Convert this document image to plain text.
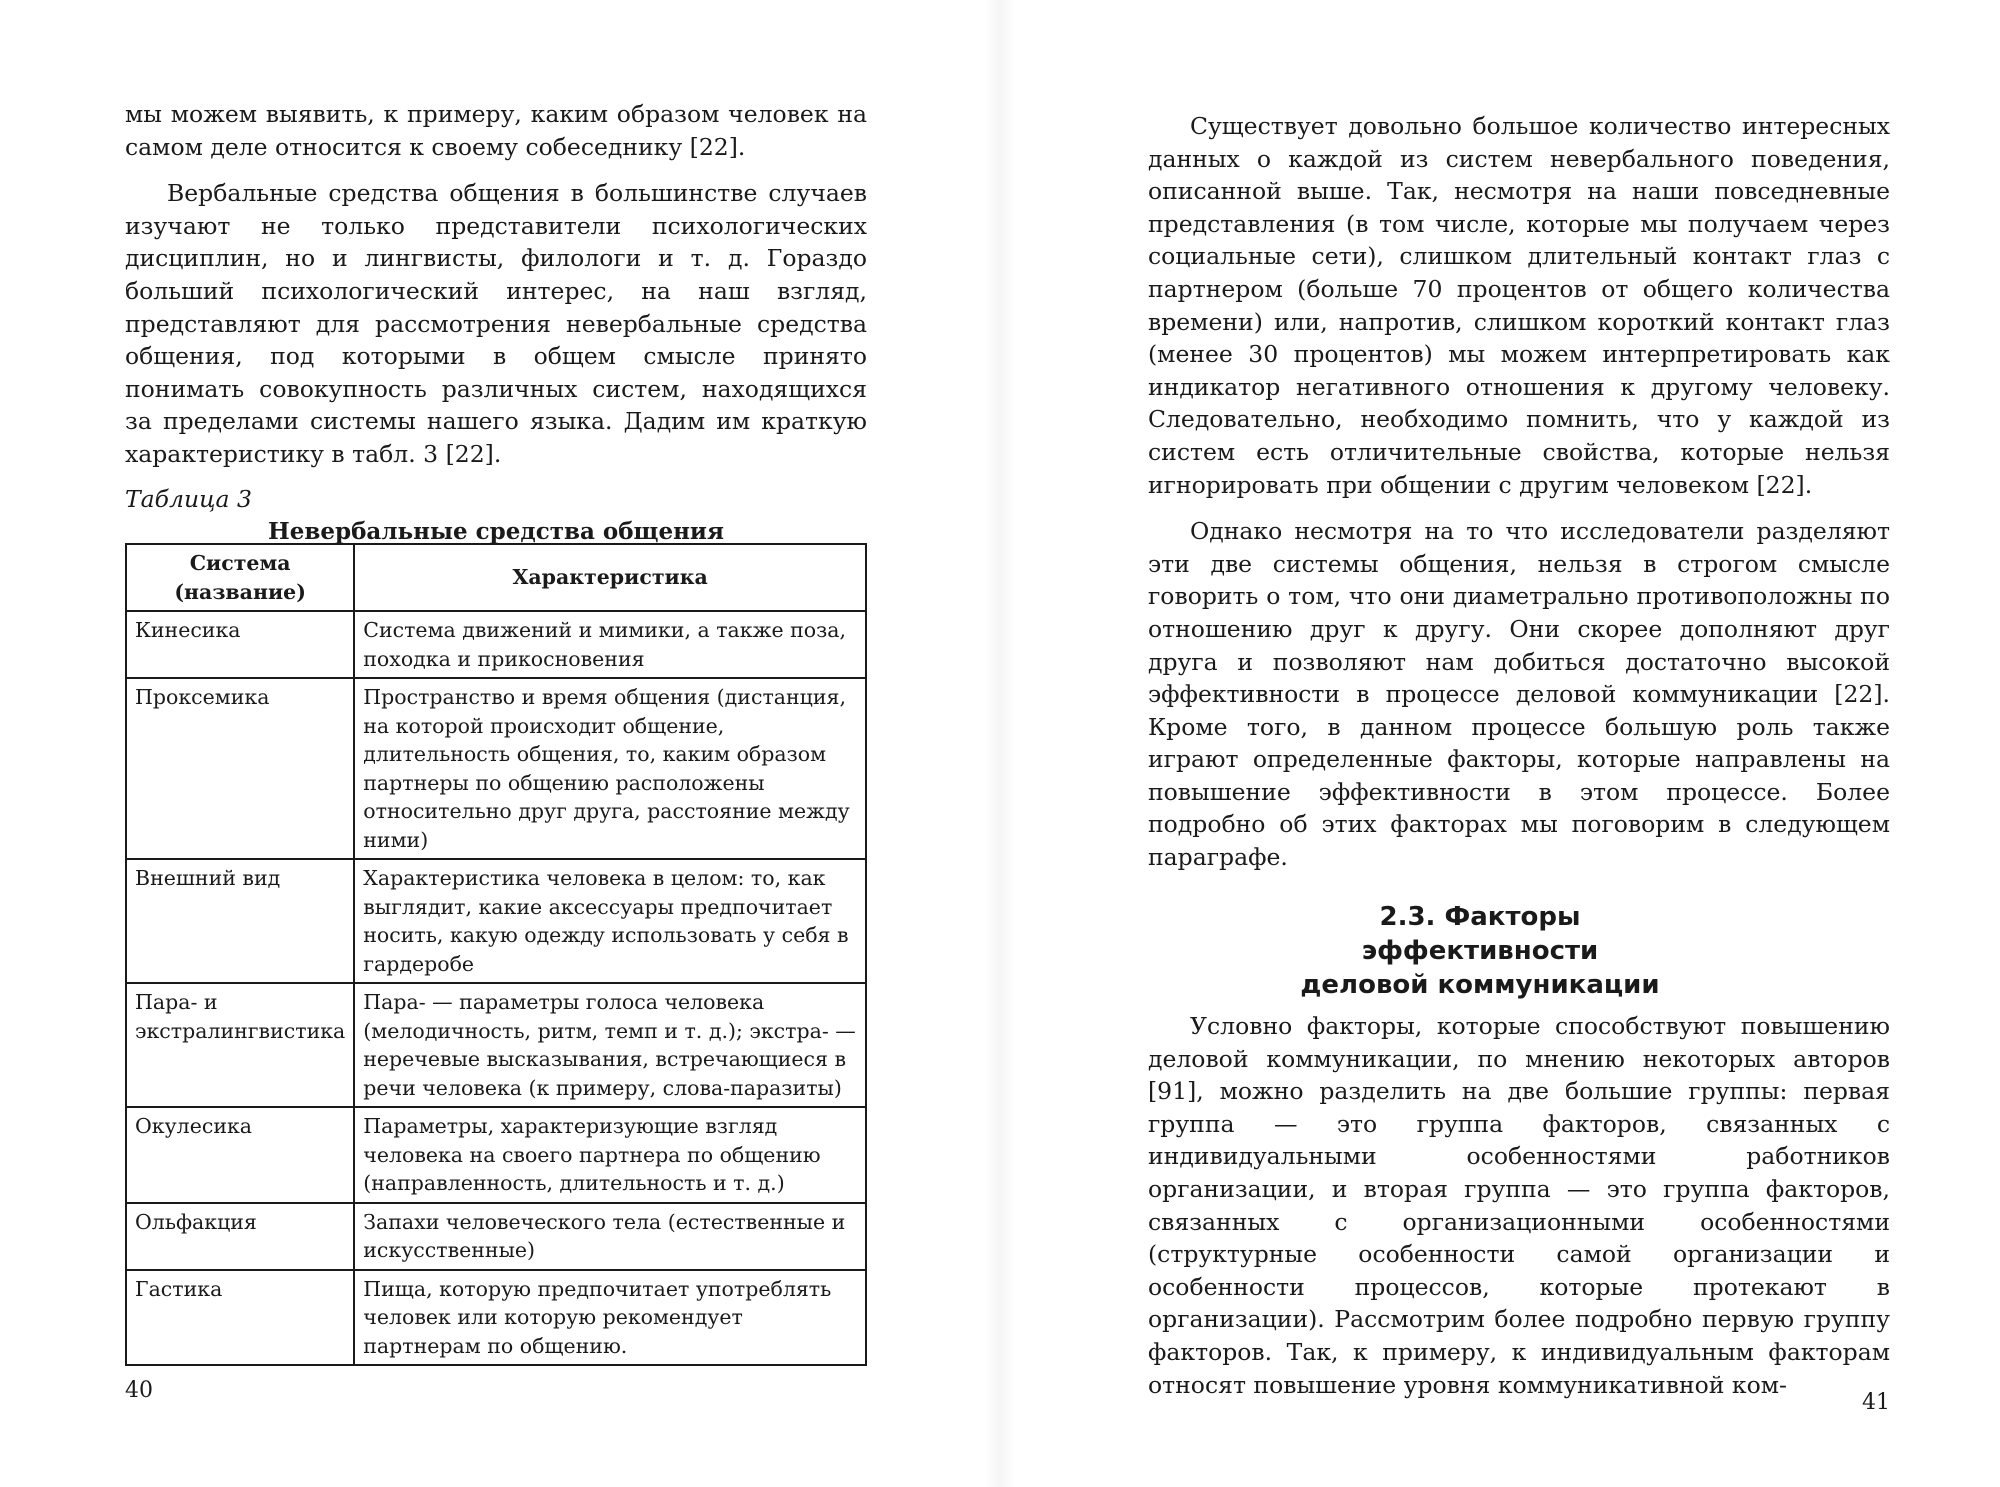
мы можем выявить, к примеру, каким образом человек на самом деле относится к своему собеседнику [22].

Вербальные средства общения в большинстве случаев изучают не только представители психологических дисциплин, но и лингвисты, филологи и т. д. Гораздо больший психологический интерес, на наш взгляд, представляют для рассмотрения невербальные средства общения, под которыми в общем смысле принято понимать совокупность различных систем, находящихся за пределами системы нашего языка. Дадим им краткую характеристику в табл. 3 [22].

Таблица 3

Невербальные средства общения

Система (название)	Характеристика
Кинесика	Система движений и мимики, а также поза, походка и прикосновения
Проксемика	Пространство и время общения (дистанция, на которой происходит общение, длительность общения, то, каким образом партнеры по общению расположены относительно друг друга, расстояние между ними)
Внешний вид	Характеристика человека в целом: то, как выглядит, какие аксессуары предпочитает носить, какую одежду использовать у себя в гардеробе
Пара- и экстралингвистика	Пара- — параметры голоса человека (мелодичность, ритм, темп и т. д.); экстра- — неречевые высказывания, встречающиеся в речи человека (к примеру, слова-паразиты)
Окулесика	Параметры, характеризующие взгляд человека на своего партнера по общению (направленность, длительность и т. д.)
Ольфакция	Запахи человеческого тела (естественные и искусственные)
Гастика	Пища, которую предпочитает употреблять человек или которую рекомендует партнерам по общению.
40

Существует довольно большое количество интересных данных о каждой из систем невербального поведения, описанной выше. Так, несмотря на наши повседневные представления (в том числе, которые мы получаем через социальные сети), слишком длительный контакт глаз с партнером (больше 70 процентов от общего количества времени) или, напротив, слишком короткий контакт глаз (менее 30 процентов) мы можем интерпретировать как индикатор негативного отношения к другому человеку. Следовательно, необходимо помнить, что у каждой из систем есть отличительные свойства, которые нельзя игнорировать при общении с другим человеком [22].

Однако несмотря на то что исследователи разделяют эти две системы общения, нельзя в строгом смысле говорить о том, что они диаметрально противоположны по отношению друг к другу. Они скорее дополняют друг друга и позволяют нам добиться достаточно высокой эффективности в процессе деловой коммуникации [22]. Кроме того, в данном процессе большую роль также играют определенные факторы, которые направлены на повышение эффективности в этом процессе. Более подробно об этих факторах мы поговорим в следующем параграфе.

2.3. Факторы эффективности
деловой коммуникации

Условно факторы, которые способствуют повышению деловой коммуникации, по мнению некоторых авторов [91], можно разделить на две большие группы: первая группа — это группа факторов, связанных с индивидуальными особенностями работников организации, и вторая группа — это группа факторов, связанных с организационными особенностями (структурные особенности самой организации и особенности процессов, которые протекают в организации). Рассмотрим более подробно первую группу факторов. Так, к примеру, к индивидуальным факторам относят повышение уровня коммуникативной ком-

41
